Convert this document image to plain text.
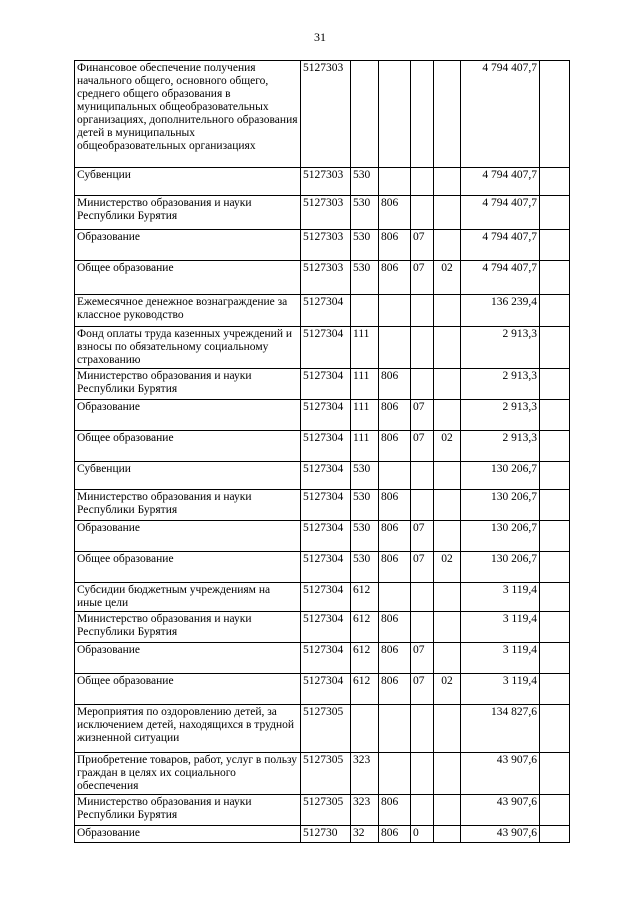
31
Финансовое обеспечение получения начального общего, основного общего, среднего общего образования в муниципальных общеобразовательных организациях, дополнительного образования детей в муниципальных общеобразовательных организациях	5127303					4 794 407,7	
Субвенции	5127303	530				4 794 407,7	
Министерство образования и науки Республики Бурятия	5127303	530	806			4 794 407,7	
Образование	5127303	530	806	07		4 794 407,7	
Общее образование	5127303	530	806	07	02	4 794 407,7	
Ежемесячное денежное вознаграждение за классное руководство	5127304					136 239,4	
Фонд оплаты труда казенных учреждений и взносы по обязательному социальному страхованию	5127304	111				2 913,3	
Министерство образования и науки Республики Бурятия	5127304	111	806			2 913,3	
Образование	5127304	111	806	07		2 913,3	
Общее образование	5127304	111	806	07	02	2 913,3	
Субвенции	5127304	530				130 206,7	
Министерство образования и науки Республики Бурятия	5127304	530	806			130 206,7	
Образование	5127304	530	806	07		130 206,7	
Общее образование	5127304	530	806	07	02	130 206,7	
Субсидии бюджетным учреждениям на иные цели	5127304	612				3 119,4	
Министерство образования и науки Республики Бурятия	5127304	612	806			3 119,4	
Образование	5127304	612	806	07		3 119,4	
Общее образование	5127304	612	806	07	02	3 119,4	
Мероприятия по оздоровлению детей, за исключением детей, находящихся в трудной жизненной ситуации	5127305					134 827,6	
Приобретение товаров, работ, услуг в пользу граждан в целях их социального обеспечения	5127305	323				43 907,6	
Министерство образования и науки Республики Бурятия	5127305	323	806			43 907,6	
Образование	512730	32	806	0		43 907,6	
